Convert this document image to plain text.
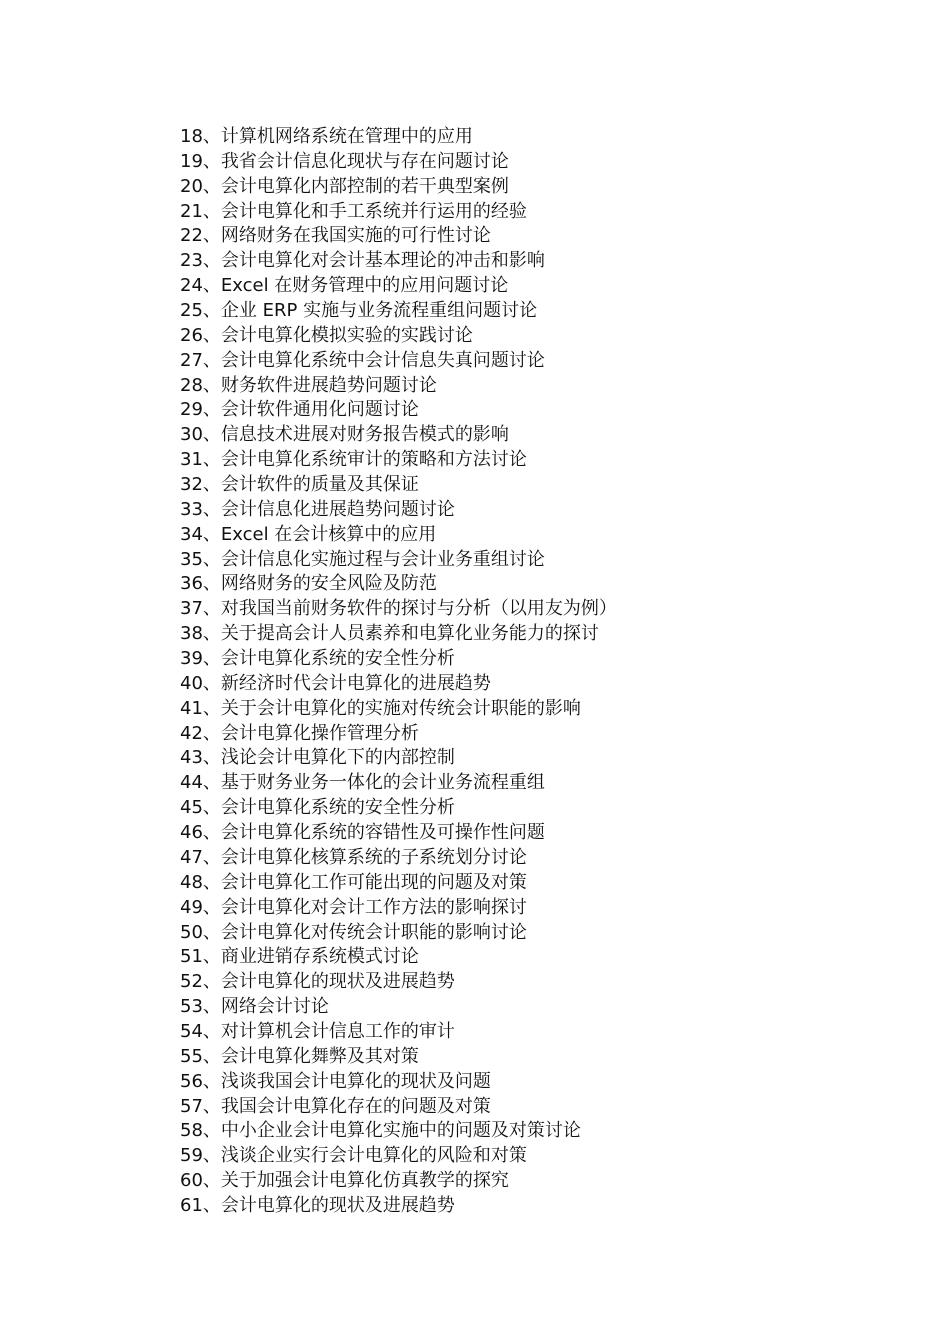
18、计算机网络系统在管理中的应用
19、我省会计信息化现状与存在问题讨论
20、会计电算化内部控制的若干典型案例
21、会计电算化和手工系统并行运用的经验
22、网络财务在我国实施的可行性讨论
23、会计电算化对会计基本理论的冲击和影响
24、Excel 在财务管理中的应用问题讨论
25、企业 ERP 实施与业务流程重组问题讨论
26、会计电算化模拟实验的实践讨论
27、会计电算化系统中会计信息失真问题讨论
28、财务软件进展趋势问题讨论
29、会计软件通用化问题讨论
30、信息技术进展对财务报告模式的影响
31、会计电算化系统审计的策略和方法讨论
32、会计软件的质量及其保证
33、会计信息化进展趋势问题讨论
34、Excel 在会计核算中的应用
35、会计信息化实施过程与会计业务重组讨论
36、网络财务的安全风险及防范
37、对我国当前财务软件的探讨与分析（以用友为例）
38、关于提高会计人员素养和电算化业务能力的探讨
39、会计电算化系统的安全性分析
40、新经济时代会计电算化的进展趋势
41、关于会计电算化的实施对传统会计职能的影响
42、会计电算化操作管理分析
43、浅论会计电算化下的内部控制
44、基于财务业务一体化的会计业务流程重组
45、会计电算化系统的安全性分析
46、会计电算化系统的容错性及可操作性问题
47、会计电算化核算系统的子系统划分讨论
48、会计电算化工作可能出现的问题及对策
49、会计电算化对会计工作方法的影响探讨
50、会计电算化对传统会计职能的影响讨论
51、商业进销存系统模式讨论
52、会计电算化的现状及进展趋势
53、网络会计讨论
54、对计算机会计信息工作的审计
55、会计电算化舞弊及其对策
56、浅谈我国会计电算化的现状及问题
57、我国会计电算化存在的问题及对策
58、中小企业会计电算化实施中的问题及对策讨论
59、浅谈企业实行会计电算化的风险和对策
60、关于加强会计电算化仿真教学的探究
61、会计电算化的现状及进展趋势
